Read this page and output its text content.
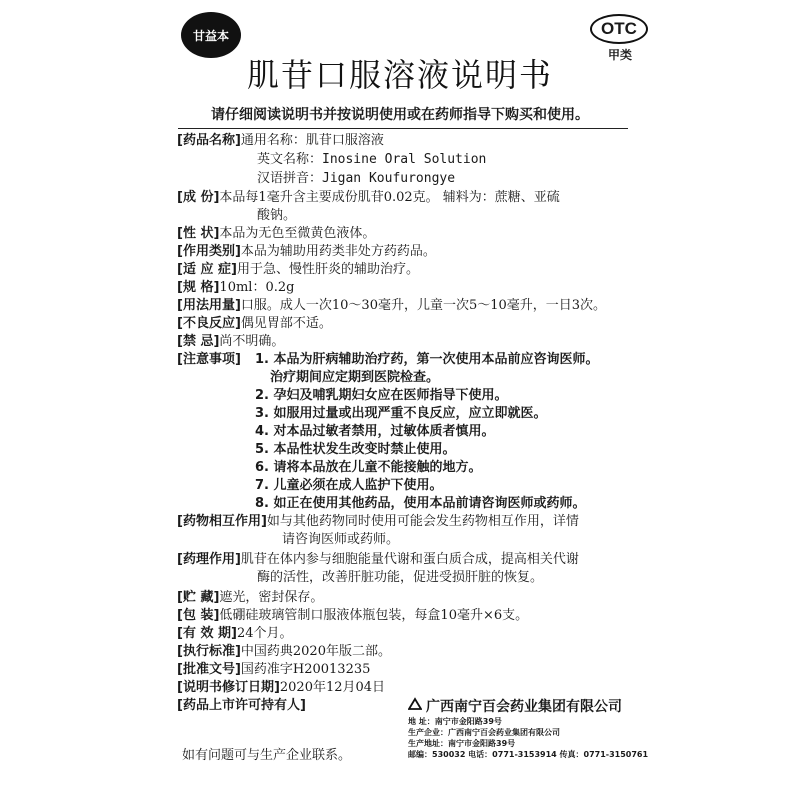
甘益本	OTC
甲类
肌苷口服溶液说明书
请仔细阅读说明书并按说明使用或在药师指导下购买和使用。
[药品名称]通用名称：肌苷口服溶液
英文名称：Inosine Oral Solution
汉语拼音：Jigan Koufurongye
[成 份]本品每1毫升含主要成份肌苷0.02克。 辅料为：蔗糖、亚硫
酸钠。
[性 状]本品为无色至微黄色液体。
[作用类别]本品为辅助用药类非处方药药品。
[适 应 症]用于急、慢性肝炎的辅助治疗。
[规 格]10ml：0.2g
[用法用量]口服。成人一次10～30毫升，儿童一次5～10毫升，一日3次。
[不良反应]偶见胃部不适。
[禁 忌]尚不明确。
[注意事项] 1. 本品为肝病辅助治疗药，第一次使用本品前应咨询医师。
治疗期间应定期到医院检查。
2. 孕妇及哺乳期妇女应在医师指导下使用。
3. 如服用过量或出现严重不良反应，应立即就医。
4. 对本品过敏者禁用，过敏体质者慎用。
5. 本品性状发生改变时禁止使用。
6. 请将本品放在儿童不能接触的地方。
7. 儿童必须在成人监护下使用。
8. 如正在使用其他药品，使用本品前请咨询医师或药师。
[药物相互作用]如与其他药物同时使用可能会发生药物相互作用，详情
请咨询医师或药师。
[药理作用]肌苷在体内参与细胞能量代谢和蛋白质合成，提高相关代谢
酶的活性，改善肝脏功能，促进受损肝脏的恢复。
[贮 藏]遮光，密封保存。
[包 装]低硼硅玻璃管制口服液体瓶包装，每盒10毫升×6支。
[有 效 期]24个月。
[执行标准]中国药典2020年版二部。
[批准文号]国药准字H20013235
[说明书修订日期]2020年12月04日
[药品上市许可持有人]	广西南宁百会药业集团有限公司
地 址：南宁市金阳路39号
生产企业：广西南宁百会药业集团有限公司
生产地址：南宁市金阳路39号
邮编：530032 电话：0771-3153914 传真：0771-3150761
如有问题可与生产企业联系。
